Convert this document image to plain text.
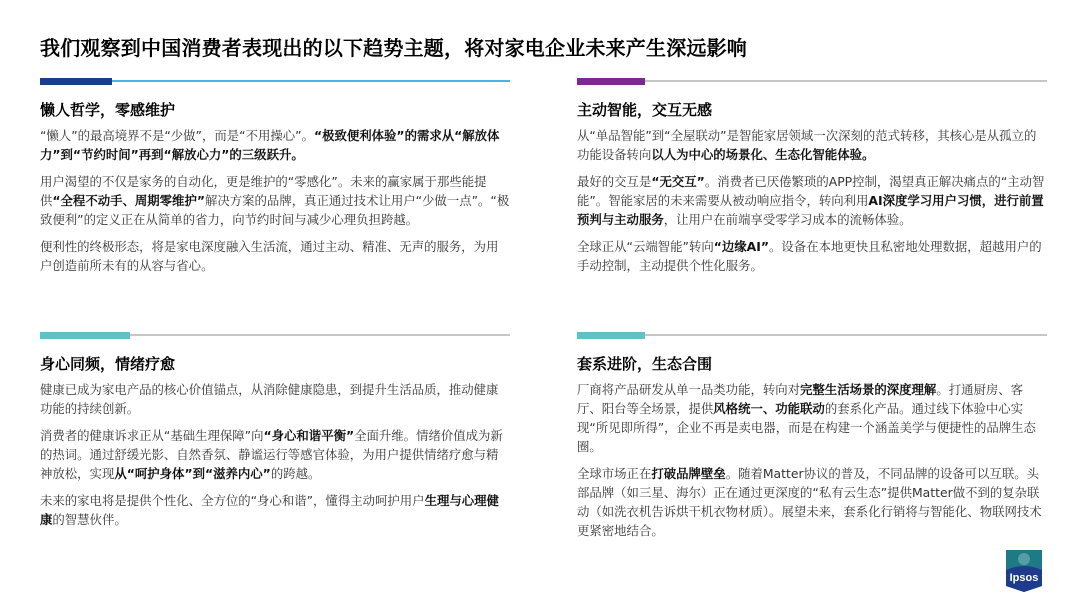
我们观察到中国消费者表现出的以下趋势主题，将对家电企业未来产生深远影响
懒人哲学，零感维护

“懒人”的最高境界不是“少做”，而是“不用操心”。“极致便利体验”的需求从“解放体力”到“节约时间”再到“解放心力”的三级跃升。

用户渴望的不仅是家务的自动化，更是维护的“零感化”。未来的赢家属于那些能提供“全程不动手、周期零维护”解决方案的品牌，真正通过技术让用户“少做一点”。“极致便利”的定义正在从简单的省力，向节约时间与减少心理负担跨越。

便利性的终极形态，将是家电深度融入生活流，通过主动、精准、无声的服务，为用户创造前所未有的从容与省心。

主动智能，交互无感

从“单品智能”到“全屋联动”是智能家居领域一次深刻的范式转移，其核心是从孤立的功能设备转向以人为中心的场景化、生态化智能体验。

最好的交互是“无交互”。消费者已厌倦繁琐的APP控制，渴望真正解决痛点的“主动智能”。智能家居的未来需要从被动响应指令，转向利用AI深度学习用户习惯，进行前置预判与主动服务，让用户在前端享受零学习成本的流畅体验。

全球正从“云端智能”转向“边缘AI”。设备在本地更快且私密地处理数据，超越用户的手动控制，主动提供个性化服务。

身心同频，情绪疗愈

健康已成为家电产品的核心价值锚点，从消除健康隐患，到提升生活品质，推动健康功能的持续创新。

消费者的健康诉求正从“基础生理保障”向“身心和谐平衡”全面升维。情绪价值成为新的热词。通过舒缓光影、自然香氛、静谧运行等感官体验，为用户提供情绪疗愈与精神放松，实现从“呵护身体”到“滋养内心”的跨越。

未来的家电将是提供个性化、全方位的“身心和谐”，懂得主动呵护用户生理与心理健康的智慧伙伴。

套系进阶，生态合围

厂商将产品研发从单一品类功能，转向对完整生活场景的深度理解。打通厨房、客厅、阳台等全场景，提供风格统一、功能联动的套系化产品。通过线下体验中心实现“所见即所得”，企业不再是卖电器，而是在构建一个涵盖美学与便捷性的品牌生态圈。

全球市场正在打破品牌壁垒。随着Matter协议的普及，不同品牌的设备可以互联。头部品牌（如三星、海尔）正在通过更深度的“私有云生态”提供Matter做不到的复杂联动（如洗衣机告诉烘干机衣物材质）。展望未来，套系化行销将与智能化、物联网技术更紧密地结合。

Ipsos
